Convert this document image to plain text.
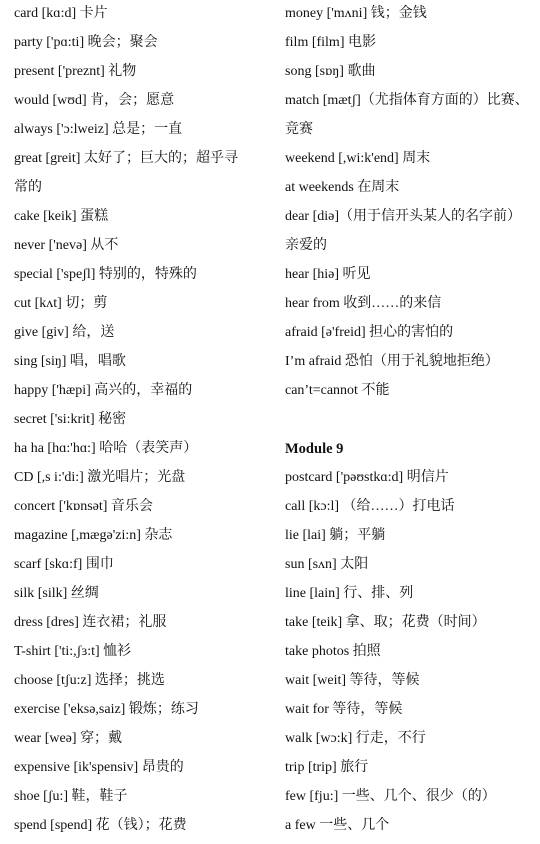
card [kɑ:d] 卡片
party ['pɑ:ti] 晚会；聚会
present ['preznt] 礼物
would [wʊd] 肯，会；愿意
always ['ɔ:lweiz] 总是；一直
great [greit] 太好了；巨大的；超乎寻
常的
cake [keik] 蛋糕
never ['nevə] 从不
special ['speʃl] 特别的，特殊的
cut [kʌt] 切；剪
give [giv] 给，送
sing [siŋ] 唱，唱歌
happy ['hæpi] 高兴的，幸福的
secret ['si:krit] 秘密
ha ha [hɑ:'hɑ:] 哈哈（表笑声）
CD [,s i:'di:] 激光唱片；光盘
concert ['kɒnsət] 音乐会
magazine [,mægə'zi:n] 杂志
scarf [skɑ:f] 围巾
silk [silk] 丝绸
dress [dres] 连衣裙；礼服
T-shirt ['ti:,ʃɜ:t] 恤衫
choose [tʃu:z] 选择；挑选
exercise ['eksə,saiz] 锻炼；练习
wear [weə] 穿；戴
expensive [ik'spensiv] 昂贵的
shoe [ʃu:] 鞋，鞋子
spend [spend] 花（钱）；花费
money ['mʌni] 钱；金钱
film [film] 电影
song [sɒŋ] 歌曲
match [mætʃ]（尤指体育方面的）比赛、
竞赛
weekend [,wi:k'end] 周末
at weekends 在周末
dear [diə]（用于信开头某人的名字前）
亲爱的
hear [hiə] 听见
hear from 收到……的来信
afraid [ə'freid] 担心的害怕的
I’m afraid 恐怕（用于礼貌地拒绝）
can’t=cannot 不能
Module 9
postcard ['pəʊstkɑ:d] 明信片
call [kɔ:l] （给……）打电话
lie [lai] 躺；平躺
sun [sʌn] 太阳
line [lain] 行、排、列
take [teik] 拿、取；花费（时间）
take photos 拍照
wait [weit] 等待，等候
wait for 等待，等候
walk [wɔ:k] 行走，不行
trip [trip] 旅行
few [fju:] 一些、几个、很少（的）
a few 一些、几个
